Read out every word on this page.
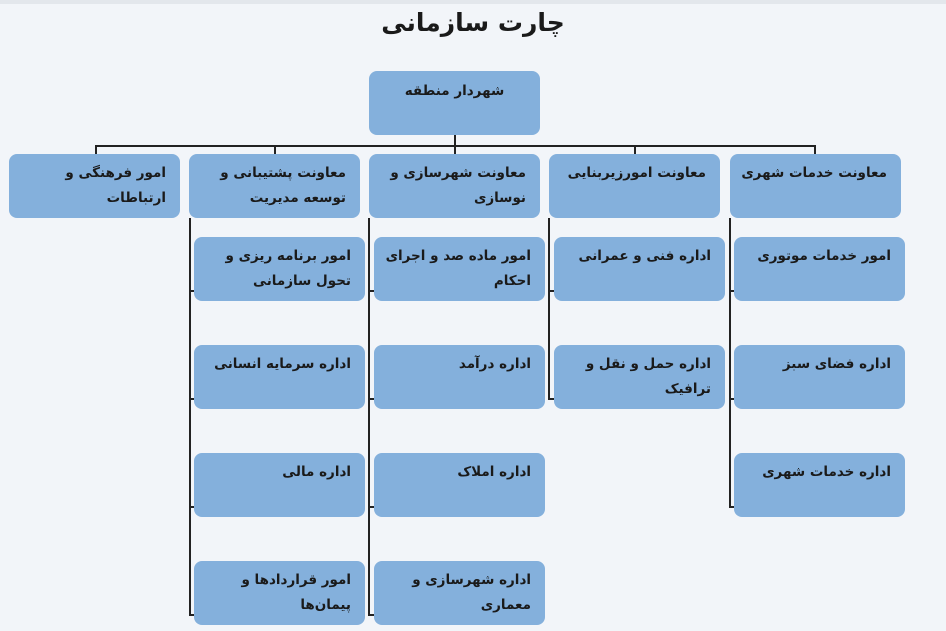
چارت سازمانی
شهردار منطقه
معاونت خدمات شهری
معاونت امورزیربنایی
معاونت شهرسازی و نوسازی
معاونت پشتیبانی و توسعه مدیریت
امور فرهنگی و ارتباطات
امور خدمات موتوری
اداره فضای سبز
اداره خدمات شهری
اداره فنی و عمرانی
اداره حمل و نقل و ترافیک
امور ماده صد و اجرای احکام
اداره درآمد
اداره املاک
اداره شهرسازی و معماری
امور برنامه ریزی و تحول سازمانی
اداره سرمایه انسانی
اداره مالی
امور قراردادها و پیمان‌ها
